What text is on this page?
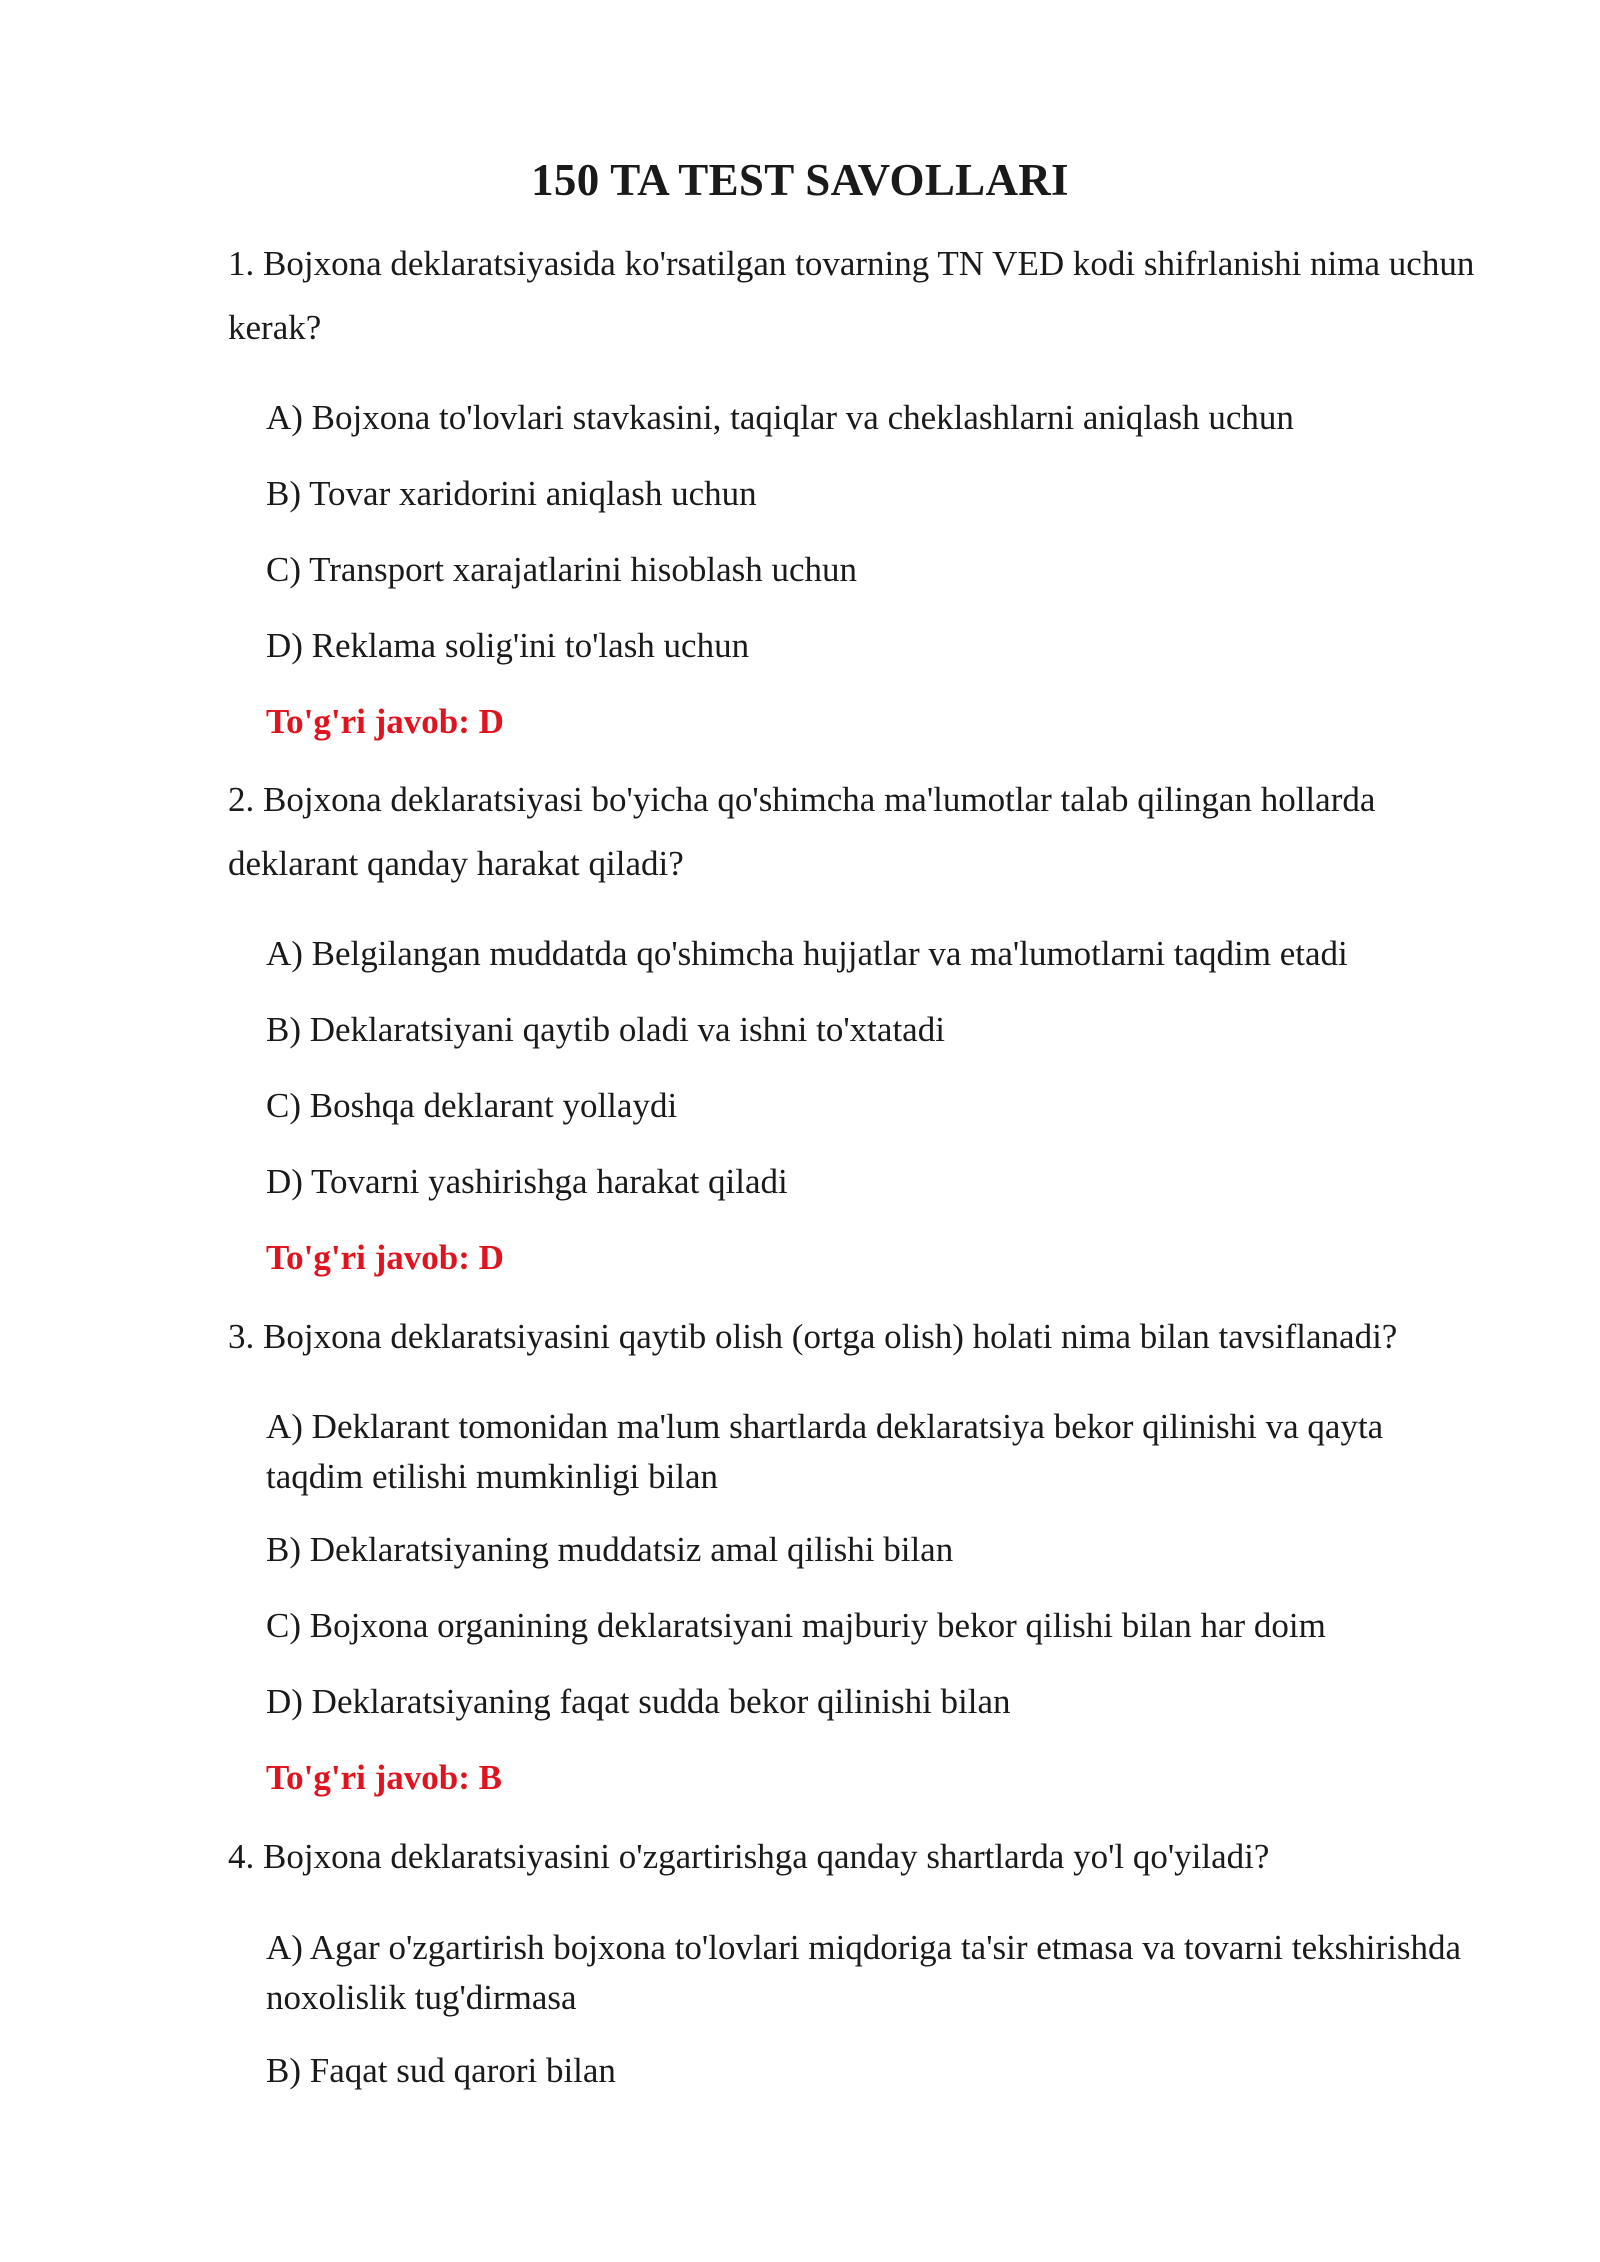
150 TA TEST SAVOLLARI

1. Bojxona deklaratsiyasida ko'rsatilgan tovarning TN VED kodi shifrlanishi nima uchun kerak?

A) Bojxona to'lovlari stavkasini, taqiqlar va cheklashlarni aniqlash uchun

B) Tovar xaridorini aniqlash uchun

C) Transport xarajatlarini hisoblash uchun

D) Reklama solig'ini to'lash uchun

To'g'ri javob: D

2. Bojxona deklaratsiyasi bo'yicha qo'shimcha ma'lumotlar talab qilingan hollarda deklarant qanday harakat qiladi?

A) Belgilangan muddatda qo'shimcha hujjatlar va ma'lumotlarni taqdim etadi

B) Deklaratsiyani qaytib oladi va ishni to'xtatadi

C) Boshqa deklarant yollaydi

D) Tovarni yashirishga harakat qiladi

To'g'ri javob: D

3. Bojxona deklaratsiyasini qaytib olish (ortga olish) holati nima bilan tavsiflanadi?

A) Deklarant tomonidan ma'lum shartlarda deklaratsiya bekor qilinishi va qayta taqdim etilishi mumkinligi bilan

B) Deklaratsiyaning muddatsiz amal qilishi bilan

C) Bojxona organining deklaratsiyani majburiy bekor qilishi bilan har doim

D) Deklaratsiyaning faqat sudda bekor qilinishi bilan

To'g'ri javob: B

4. Bojxona deklaratsiyasini o'zgartirishga qanday shartlarda yo'l qo'yiladi?

A) Agar o'zgartirish bojxona to'lovlari miqdoriga ta'sir etmasa va tovarni tekshirishda noxolislik tug'dirmasa

B) Faqat sud qarori bilan
